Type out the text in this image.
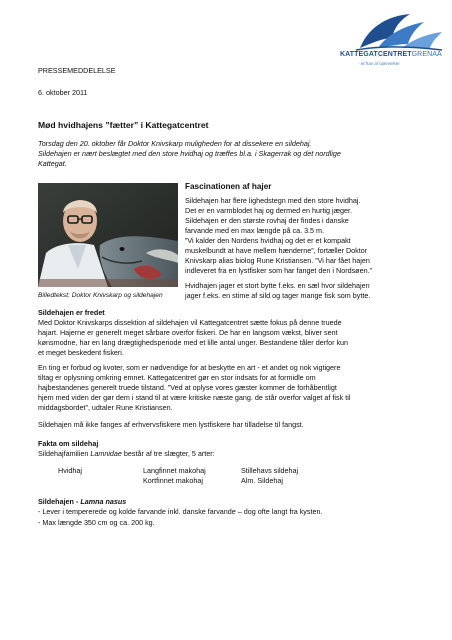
KATTEGATCENTRETGRENAA
- et hav af oplevelser
PRESSEMEDDELELSE
6. oktober 2011
Mød hvidhajens ”fætter” i Kattegatcentret
Torsdag den 20. oktober får Doktor Knivskarp muligheden for at dissekere en sildehaj.
Sildehajen er nært beslægtet med den store hvidhaj og træffes bl.a. i Skagerrak og det nordlige
Kattegat.
Billedtekst: Doktor Knivskarp og sildehajen
Fascinationen af hajer
Sildehajen har flere lighedstegn med den store hvidhaj.
Det er en varmblodet haj og dermed en hurtig jæger.
Sildehajen er den største rovhaj der findes i danske
farvande med en max længde på ca. 3.5 m.
”Vi kalder den Nordens hvidhaj og det er et kompakt
muskelbundt at have mellem hænderne”, fortæller Doktor
Knivskarp alias biolog Rune Kristiansen. ”Vi har fået hajen
indleveret fra en lystfisker som har fanget den i Nordsøen.”
Hvidhajen jager et stort bytte f.eks. en sæl hvor sildehajen
jager f.eks. en stime af sild og tager mange fisk som bytte.
Sildehajen er fredet
Med Doktor Knivskarps dissektion af sildehajen vil Kattegatcentret sætte fokus på denne truede
hajart. Hajerne er generelt meget sårbare overfor fiskeri. De har en langsom vækst, bliver sent
kønsmodne, har en lang drægtighedsperiode med et lille antal unger. Bestandene tåler derfor kun
et meget beskedent fiskeri.
En ting er forbud og kvoter, som er nødvendige for at beskytte en art - et andet og nok vigtigere
tiltag er oplysning omkring emnet. Kattegatcentret gør en stor indsats for at formidle om
hajbestandenes generelt truede tilstand. ”Ved at oplyse vores gæster kommer de forhåbentligt
hjem med viden der gør dem i stand til at være kritiske næste gang. de står overfor valget af fisk til
middagsbordet”, udtaler Rune Kristiansen.
Sildehajen må ikke fanges af erhvervsfiskere men lystfiskere har tilladelse til fangst.
Fakta om sildehaj
Sildehajfamilien Lamnidae består af tre slægter, 5 arter:
Hvidhaj	Langfinnet makohaj
Kortfinnet makohaj
Stillehavs sildehaj
Alm. Sildehaj
Sildehajen - Lamna nasus
- Lever i tempererede og kolde farvande inkl. danske farvande – dog ofte langt fra kysten.
- Max længde 350 cm og ca. 200 kg.
